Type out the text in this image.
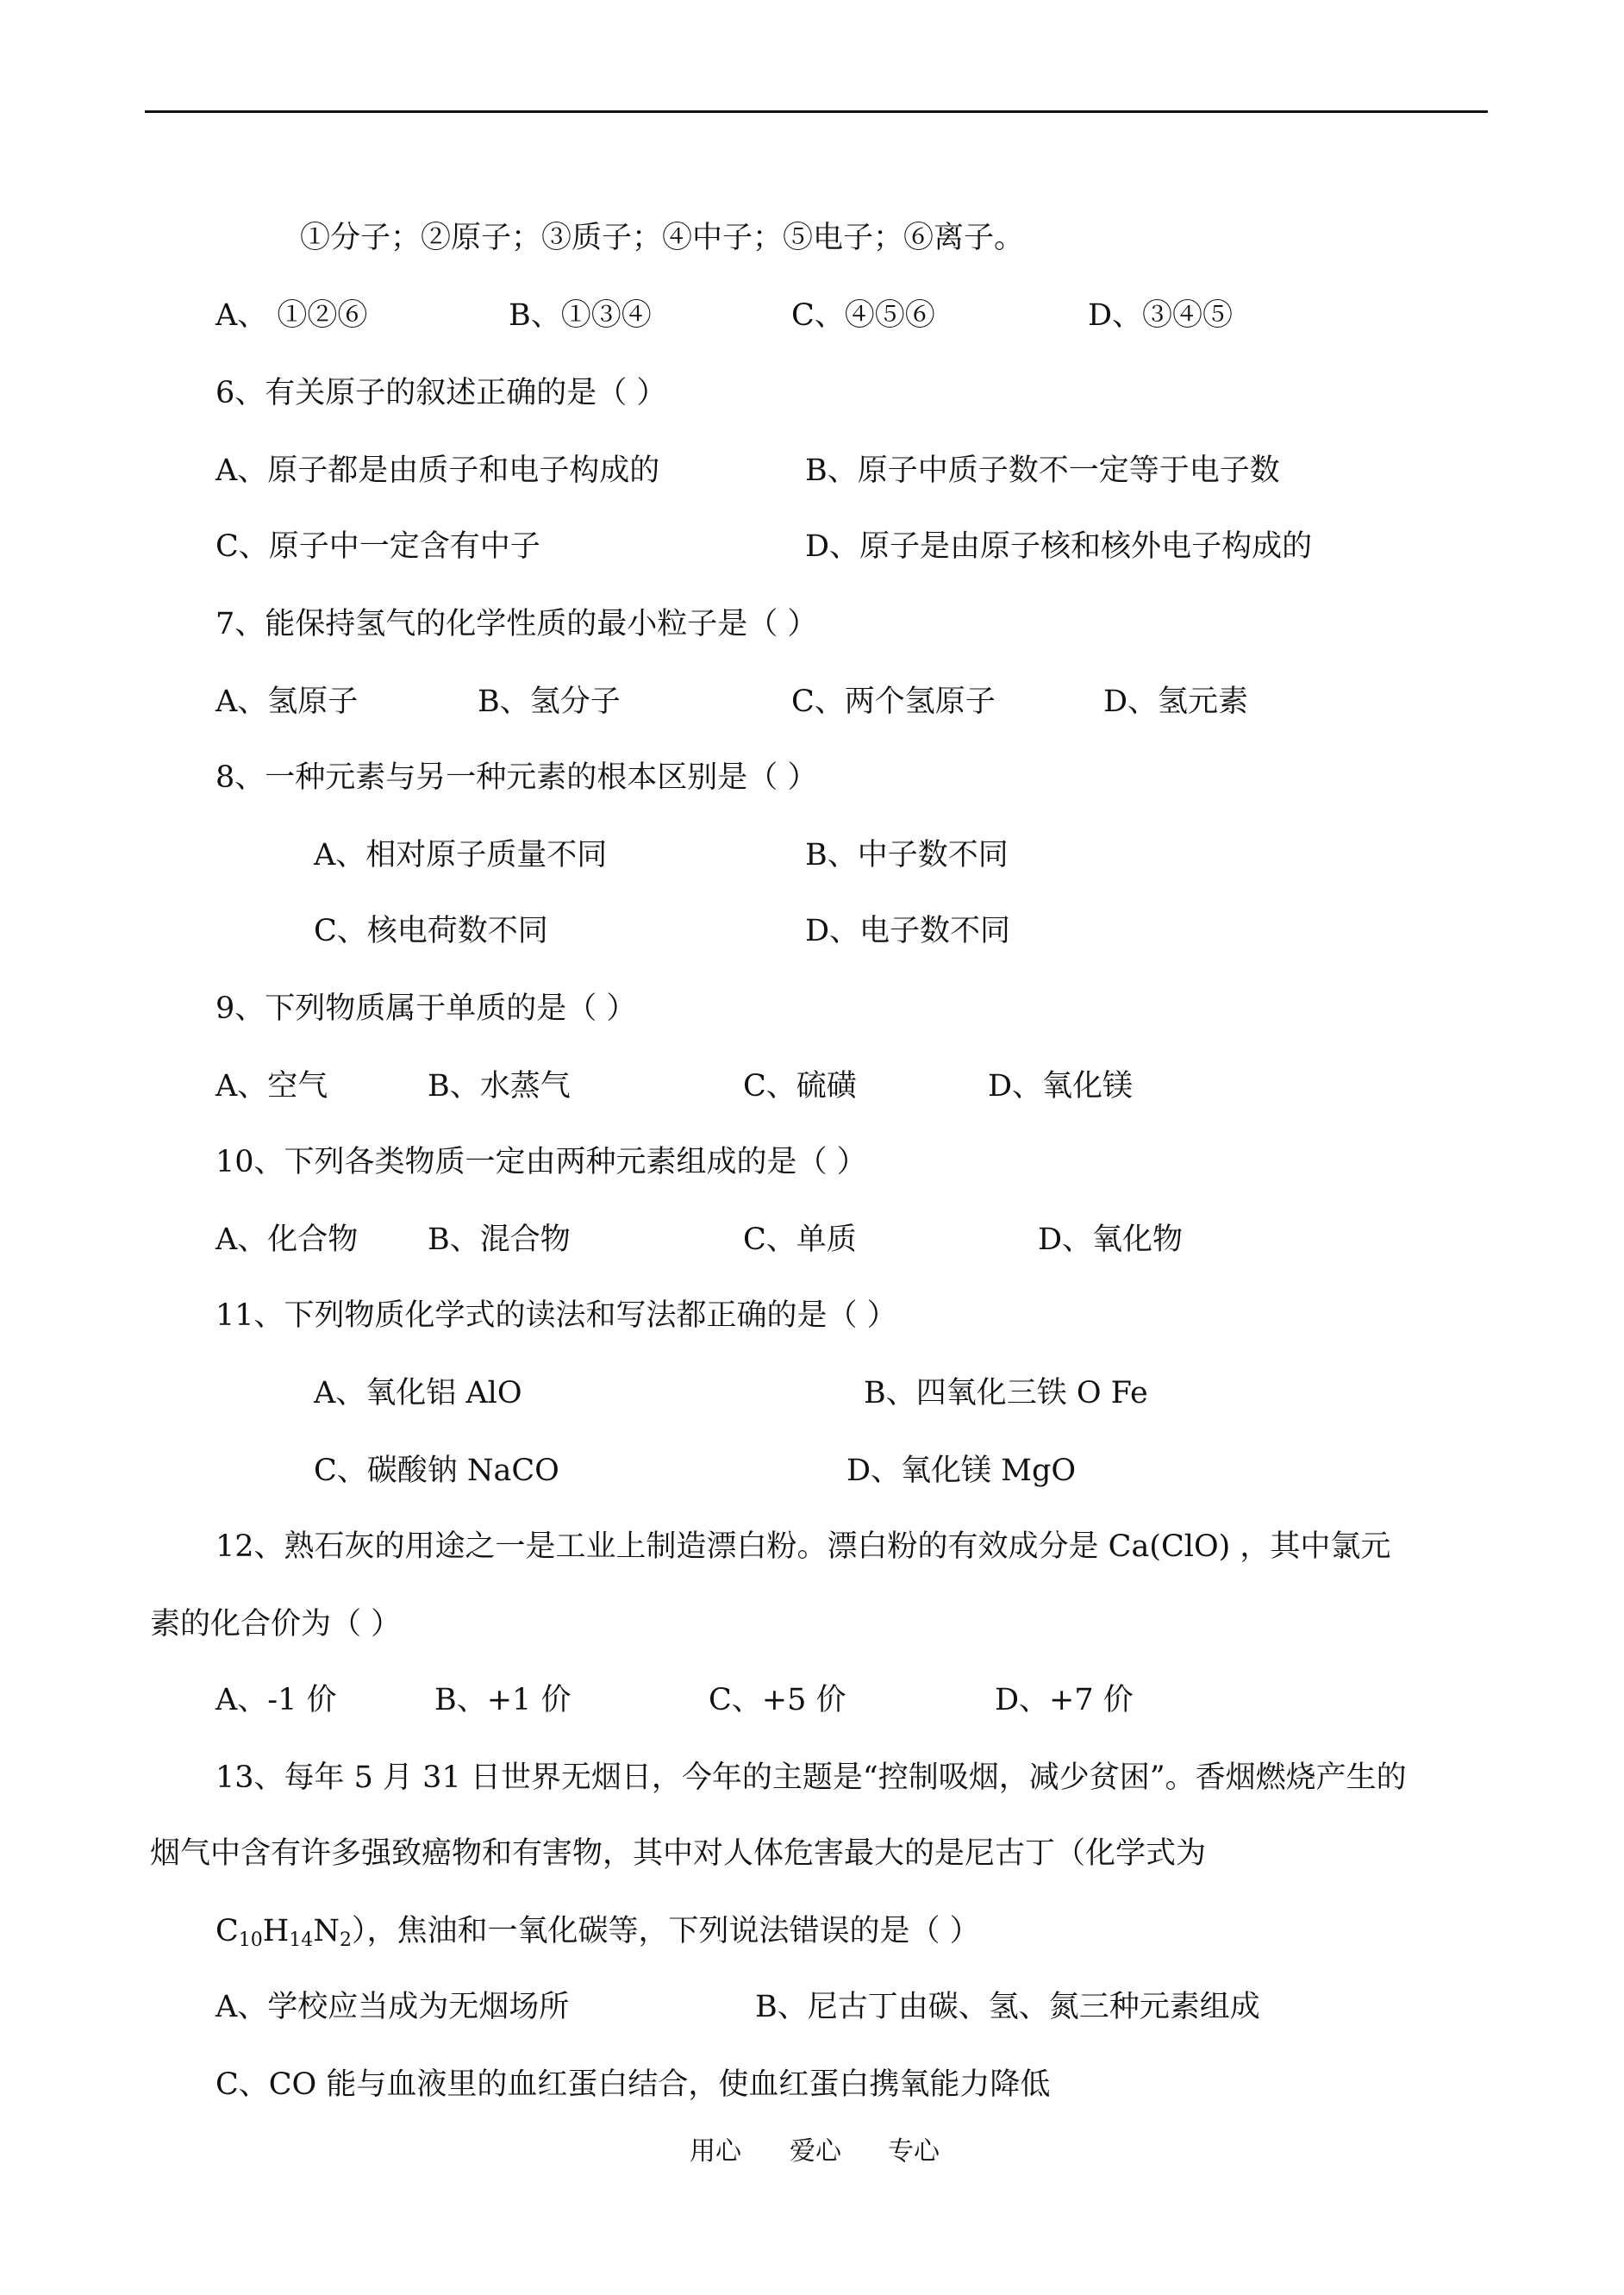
①分子；②原子；③质子；④中子；⑤电子；⑥离子。
A、 ①②⑥	B、①③④	C、④⑤⑥	D、③④⑤
6、有关原子的叙述正确的是（ ）
A、原子都是由质子和电子构成的	B、原子中质子数不一定等于电子数
C、原子中一定含有中子	D、原子是由原子核和核外电子构成的
7、能保持氢气的化学性质的最小粒子是（ ）
A、氢原子	B、氢分子	C、两个氢原子	D、氢元素
8、一种元素与另一种元素的根本区别是（ ）
A、相对原子质量不同	B、中子数不同
C、核电荷数不同	D、电子数不同
9、下列物质属于单质的是（ ）
A、空气	B、水蒸气	C、硫磺	D、氧化镁
10、下列各类物质一定由两种元素组成的是（ ）
A、化合物 B、混合物	C、单质	D、氧化物
11、下列物质化学式的读法和写法都正确的是（ ）
A、氧化铝 AlO	B、四氧化三铁 O Fe
C、碳酸钠 NaCO	D、氧化镁 MgO
12、熟石灰的用途之一是工业上制造漂白粉。漂白粉的有效成分是 Ca(ClO) ，其中氯元
素的化合价为（ ）
A、-1 价	B、+1 价	C、+5 价	D、+7 价
13、每年 5 月 31 日世界无烟日，今年的主题是“控制吸烟，减少贫困”。香烟燃烧产生的
烟气中含有许多强致癌物和有害物，其中对人体危害最大的是尼古丁（化学式为
$C_{10}H_{14}N_2$），焦油和一氧化碳等，下列说法错误的是（ ）
A、学校应当成为无烟场所	B、尼古丁由碳、氢、氮三种元素组成
C、CO 能与血液里的血红蛋白结合，使血红蛋白携氧能力降低
用心 爱心 专心
